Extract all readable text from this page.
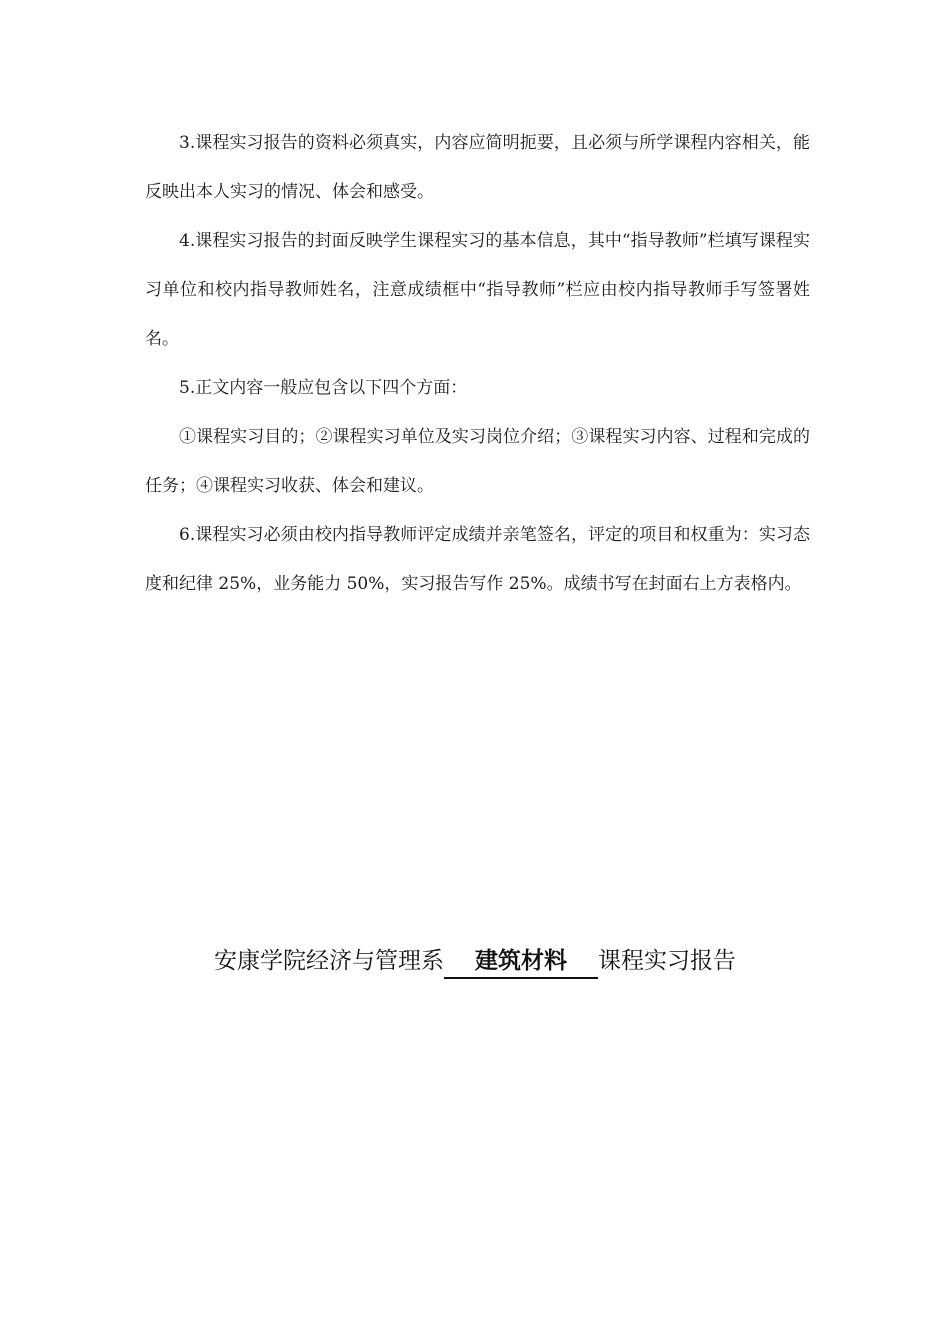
3.课程实习报告的资料必须真实，内容应简明扼要，且必须与所学课程内容相关，能反映出本人实习的情况、体会和感受。

4.课程实习报告的封面反映学生课程实习的基本信息，其中“指导教师”栏填写课程实习单位和校内指导教师姓名，注意成绩框中“指导教师”栏应由校内指导教师手写签署姓名。

5.正文内容一般应包含以下四个方面：

①课程实习目的；②课程实习单位及实习岗位介绍；③课程实习内容、过程和完成的任务；④课程实习收获、体会和建议。

6.课程实习必须由校内指导教师评定成绩并亲笔签名，评定的项目和权重为：实习态度和纪律 25%，业务能力 50%，实习报告写作 25%。成绩书写在封面右上方表格内。

安康学院经济与管理系 建筑材料 课程实习报告
